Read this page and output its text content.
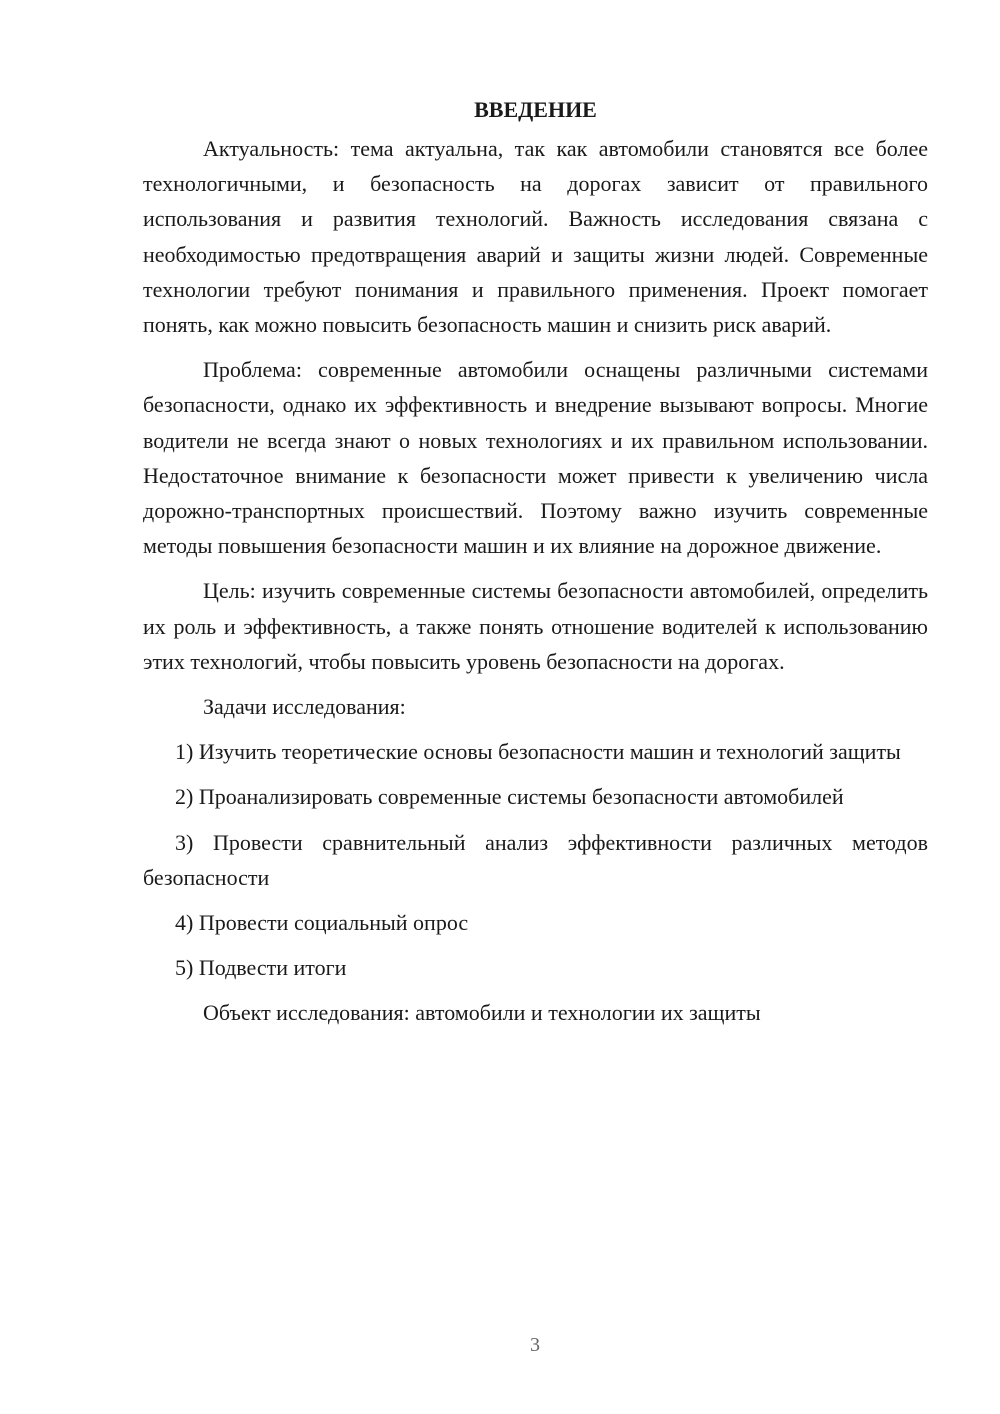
ВВЕДЕНИЕ

Актуальность: тема актуальна, так как автомобили становятся все более технологичными, и безопасность на дорогах зависит от правильного использования и развития технологий. Важность исследования связана с необходимостью предотвращения аварий и защиты жизни людей. Современные технологии требуют понимания и правильного применения. Проект помогает понять, как можно повысить безопасность машин и снизить риск аварий.

Проблема: современные автомобили оснащены различными системами безопасности, однако их эффективность и внедрение вызывают вопросы. Многие водители не всегда знают о новых технологиях и их правильном использовании. Недостаточное внимание к безопасности может привести к увеличению числа дорожно-транспортных происшествий. Поэтому важно изучить современные методы повышения безопасности машин и их влияние на дорожное движение.

Цель: изучить современные системы безопасности автомобилей, определить их роль и эффективность, а также понять отношение водителей к использованию этих технологий, чтобы повысить уровень безопасности на дорогах.

Задачи исследования:

1) Изучить теоретические основы безопасности машин и технологий защиты

2) Проанализировать современные системы безопасности автомобилей

3) Провести сравнительный анализ эффективности различных методов безопасности

4) Провести социальный опрос

5) Подвести итоги

Объект исследования: автомобили и технологии их защиты

3
